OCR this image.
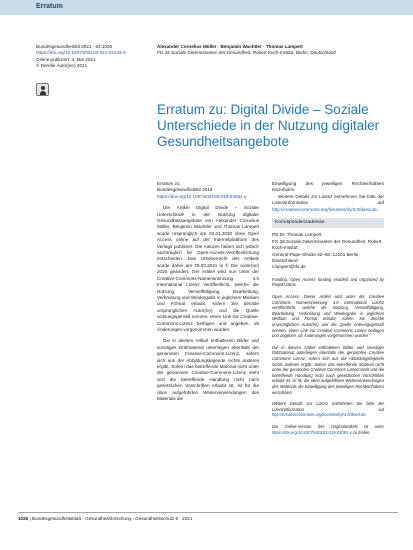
Erratum
Bundesgesundheitsbl 2021 · 64:1026
https://doi.org/10.1007/s00103-021-03134-9
Online publiziert: 4. Mai 2021
© Der/die Autor(en) 2021
Alexander Cornelius Müller · Benjamin Wachtler · Thomas Lampert
FG 28 Soziale Determinanten der Gesundheit, Robert Koch-Institut, Berlin, Deutschland
Erratum zu: Digital Divide – Soziale Unterschiede in der Nutzung digitaler Gesundheitsangebote
Erratum zu:
Bundesgesundheitsbl 2019
https://doi.org/10.1007/s00103-019-03081-y

Der Artikel Digital Divide – Soziale Unterschiede in der Nutzung digitaler Gesundheitsangebote von Alexander Cornelius Müller, Benjamin Wachtler und Thomas Lampert wurde ursprünglich am 03.01.2020 ohne Open Access online auf der Internetplattform des Verlags publiziert. Die Autoren haben sich jedoch nachträglich für Open-Access-Veröffentlichung entschieden. Das Urheberrecht des Artikels wurde daher am 29.03.2021 in © Die Autor(en) 2020 geändert. Der Artikel wird nun unter der Creative-Commons-Namensnennung 4.0 International Lizenz veröffentlicht, welche die Nutzung, Vervielfältigung, Bearbeitung, Verbreitung und Wiedergabe in jeglichem Medium und Format erlaubt, sofern Sie den/die ursprünglichen Autor(en) und die Quelle ordnungsgemäß nennen, einen Link zur Creative-Commons-Lizenz beifügen und angeben, ob Änderungen vorgenommen wurden.

Die in diesem Artikel enthaltenen Bilder und sonstiges Drittmaterial unterliegen ebenfalls der genannten Creative-Commons-Lizenz, sofern sich aus der Abbildungslegende nichts anderes ergibt. Sofern das betreffende Material nicht unter der genannten Creative-Commons-Lizenz steht und die betreffende Handlung nicht nach gesetzlichen Vorschriften erlaubt ist, ist für die oben aufgeführten Weiterverwendungen des Materials die

Einwilligung des jeweiligen Rechteinhabers einzuholen.

Weitere Details zur Lizenz entnehmen Sie bitte der Lizenzinformation auf http://creativecommons.org/licenses/by/4.0/deed.de.

Korrespondenzadresse
PD Dr. Thomas Lampert
FG 28 Soziale Determinanten der Gesundheit, Robert Koch-Institut
General-Pape-Straße 62–66, 12101 Berlin, Deutschland
t.lampert@rki.de
Funding. Open Access funding enabled and organized by Projekt DEAL.
Open Access. Dieser Artikel wird unter der Creative Commons Namensnennung 4.0 International Lizenz veröffentlicht, welche die Nutzung, Vervielfältigung, Bearbeitung, Verbreitung und Wiedergabe in jeglichem Medium und Format erlaubt, sofern Sie den/die ursprünglichen Autor(en) und die Quelle ordnungsgemäß nennen, einen Link zur Creative Commons Lizenz beifügen und angeben, ob Änderungen vorgenommen wurden.
Die in diesem Artikel enthaltenen Bilder und sonstiges Drittmaterial unterliegen ebenfalls der genannten Creative Commons Lizenz, sofern sich aus der Abbildungslegende nichts anderes ergibt. Sofern das betreffende Material nicht unter der genannten Creative Commons Lizenz steht und die betreffende Handlung nicht nach gesetzlichen Vorschriften erlaubt ist, ist für die oben aufgeführten Weiterverwendungen des Materials die Einwilligung des jeweiligen Rechteinhabers einzuholen.
Weitere Details zur Lizenz entnehmen Sie bitte der Lizenzinformation auf http://creativecommons.org/licenses/by/4.0/deed.de.
Die Online-Version des Originalartikels ist unter https://doi.org/10.1007/s00103-019-03081-y zu finden.
1026 | Bundesgesundheitsblatt - Gesundheitsforschung - Gesundheitsschutz 8 · 2021
